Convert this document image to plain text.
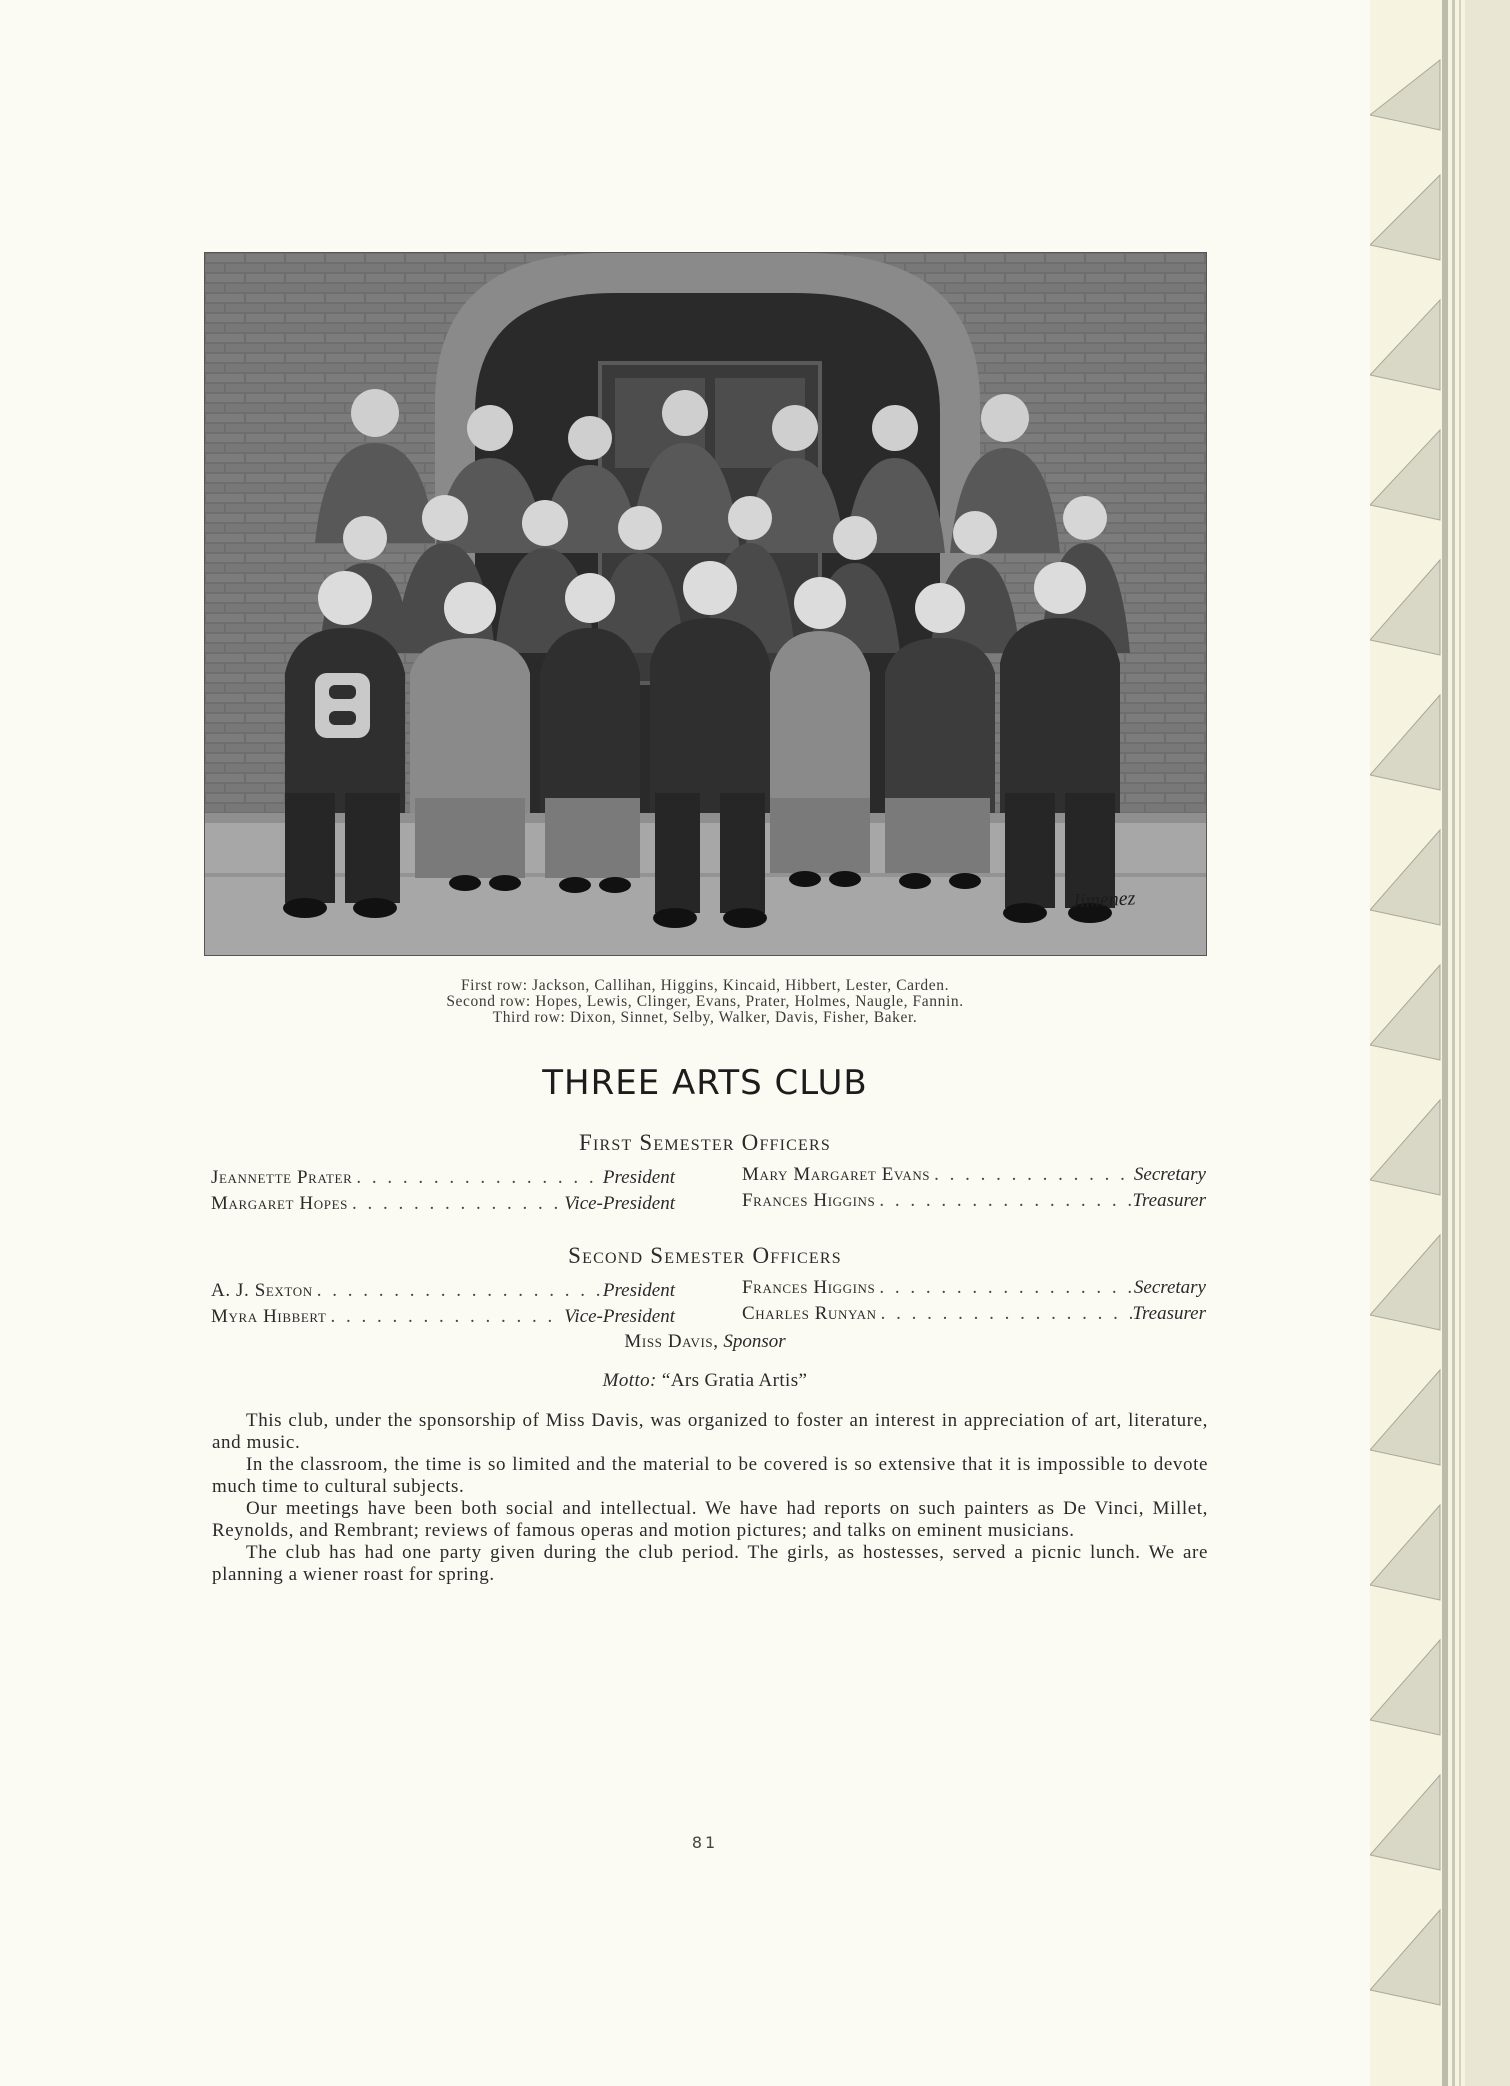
Jimenez
First row: Jackson, Callihan, Higgins, Kincaid, Hibbert, Lester, Carden.
Second row: Hopes, Lewis, Clinger, Evans, Prater, Holmes, Naugle, Fannin.
Third row: Dixon, Sinnet, Selby, Walker, Davis, Fisher, Baker.
THREE ARTS CLUB
First Semester Officers
Jeannette Prater . . .	President
Margaret Hopes . . .	Vice-President
Mary Margaret Evans . . .	Secretary
Frances Higgins . . .	Treasurer
Second Semester Officers
A. J. Sexton . . .	President
Myra Hibbert . . .	Vice-President
Frances Higgins . . .	Secretary
Charles Runyan . . .	Treasurer
Miss Davis, Sponsor
Motto: “Ars Gratia Artis”

This club, under the sponsorship of Miss Davis, was organized to foster an interest in appreciation of art, literature, and music.

In the classroom, the time is so limited and the material to be covered is so extensive that it is impossible to devote much time to cultural subjects.

Our meetings have been both social and intellectual. We have had reports on such painters as De Vinci, Millet, Reynolds, and Rembrant; reviews of famous operas and motion pictures; and talks on eminent musicians.

The club has had one party given during the club period. The girls, as hostesses, served a picnic lunch. We are planning a wiener roast for spring.

81
